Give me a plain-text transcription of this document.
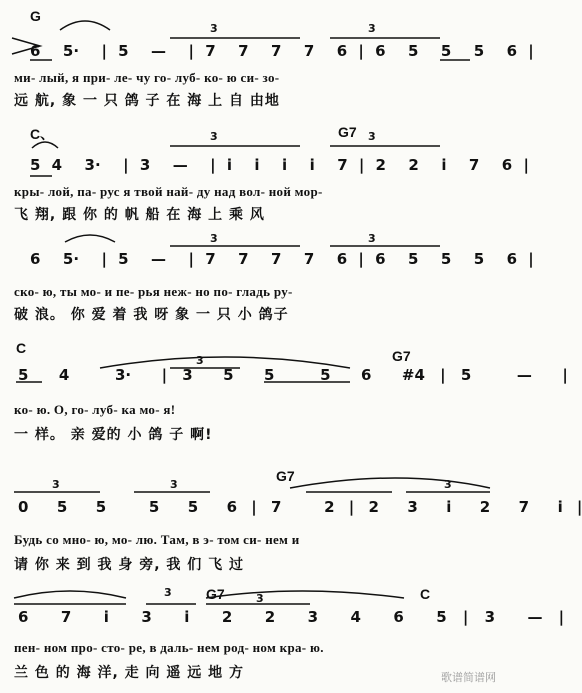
G
3	3
6  5·  | 5  —  | 7  7  7  7  6 | 6  5  5  5  6 |
ми- лый, я при- ле- чу го- луб- ко- ю си- зо-
远 航, 象 一 只 鸽 子 在 海 上 自 由地
C、	G7
3	3
5 4  3·  | 3  —  | i  i  i  i  7 | 2  2  i  7  6 |
кры- лой, па- рус я твой най- ду над вол- ной мор-
飞 翔, 跟 你 的 帆 船 在 海 上 乘 风
3	3
6  5·  | 5  —  | 7  7  7  7  6 | 6  5  5  5  6 |
ско- ю, ты мо- и пе- рья неж- но по- гладь ру-
破 浪。 你 爱 着 我 呀 象 一 只 小 鸽子
C	G7
3
5  4   3·  | 3  5  5   5  6  #4 | 5   —  |
ко- ю. О, го- луб- ка мо- я!
一 样。 亲 爱的 小 鸽 子 啊!
G7
3	3	3
0  5  5   5  5  6 | 7   2 | 2  3  i  2  7  i |
Будь со мно- ю, мо- лю. Там, в э- том си- нем и
请 你 来 到 我 身 旁, 我 们 飞 过
G7	C
3	3
6  7  i  3  i  2  2  3  4  6  5 | 3  — |
пен- ном про- сто- ре, в даль- нем род- ном кра- ю.
兰 色 的 海 洋, 走 向 遥 远 地 方	歌谱简谱网
